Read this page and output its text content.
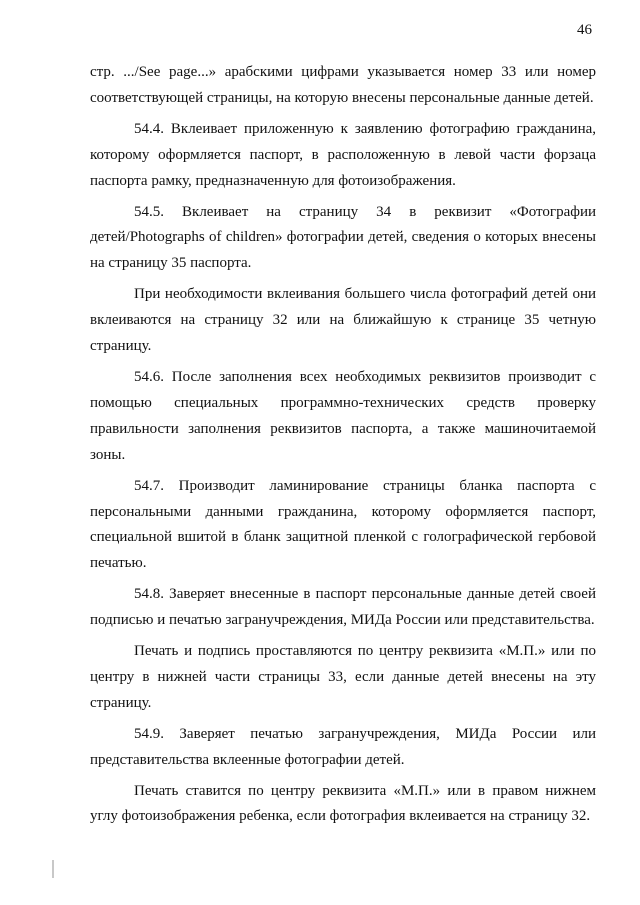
46

стр. .../See page...» арабскими цифрами указывается номер 33 или номер соответствующей страницы, на которую внесены персональные данные детей.

54.4. Вклеивает приложенную к заявлению фотографию гражданина, которому оформляется паспорт, в расположенную в левой части форзаца паспорта рамку, предназначенную для фотоизображения.

54.5. Вклеивает на страницу 34 в реквизит «Фотографии детей/Photographs of children» фотографии детей, сведения о которых внесены на страницу 35 паспорта.

При необходимости вклеивания большего числа фотографий детей они вклеиваются на страницу 32 или на ближайшую к странице 35 четную страницу.

54.6. После заполнения всех необходимых реквизитов производит с помощью специальных программно-технических средств проверку правильности заполнения реквизитов паспорта, а также машиночитаемой зоны.

54.7. Производит ламинирование страницы бланка паспорта с персональными данными гражданина, которому оформляется паспорт, специальной вшитой в бланк защитной пленкой с голографической гербовой печатью.

54.8. Заверяет внесенные в паспорт персональные данные детей своей подписью и печатью загранучреждения, МИДа России или представительства.

Печать и подпись проставляются по центру реквизита «М.П.» или по центру в нижней части страницы 33, если данные детей внесены на эту страницу.

54.9. Заверяет печатью загранучреждения, МИДа России или представительства вклеенные фотографии детей.

Печать ставится по центру реквизита «М.П.» или в правом нижнем углу фотоизображения ребенка, если фотография вклеивается на страницу 32.
